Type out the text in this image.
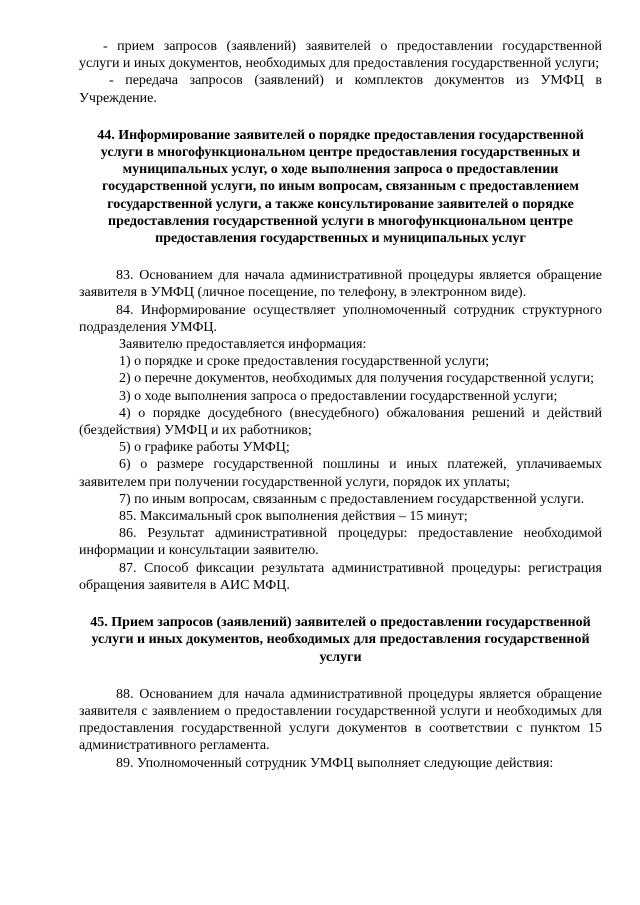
- прием запросов (заявлений) заявителей о предоставлении государственной услуги и иных документов, необходимых для предоставления государственной услуги;

- передача запросов (заявлений) и комплектов документов из УМФЦ в Учреждение.

44. Информирование заявителей о порядке предоставления государственной услуги в многофункциональном центре предоставления государственных и муниципальных услуг, о ходе выполнения запроса о предоставлении государственной услуги, по иным вопросам, связанным с предоставлением государственной услуги, а также консультирование заявителей о порядке предоставления государственной услуги в многофункциональном центре предоставления государственных и муниципальных услуг

83. Основанием для начала административной процедуры является обращение заявителя в УМФЦ (личное посещение, по телефону, в электронном виде).

84. Информирование осуществляет уполномоченный сотрудник структурного подразделения УМФЦ.

Заявителю предоставляется информация:

1) о порядке и сроке предоставления государственной услуги;

2) о перечне документов, необходимых для получения государственной услуги;

3) о ходе выполнения запроса о предоставлении государственной услуги;

4) о порядке досудебного (внесудебного) обжалования решений и действий (бездействия) УМФЦ и их работников;

5) о графике работы УМФЦ;

6) о размере государственной пошлины и иных платежей, уплачиваемых заявителем при получении государственной услуги, порядок их уплаты;

7) по иным вопросам, связанным с предоставлением государственной услуги.

85. Максимальный срок выполнения действия – 15 минут;

86. Результат административной процедуры: предоставление необходимой информации и консультации заявителю.

87. Способ фиксации результата административной процедуры: регистрация обращения заявителя в АИС МФЦ.

45. Прием запросов (заявлений) заявителей о предоставлении государственной услуги и иных документов, необходимых для предоставления государственной услуги

88. Основанием для начала административной процедуры является обращение заявителя с заявлением о предоставлении государственной услуги и необходимых для предоставления государственной услуги документов в соответствии с пунктом 15 административного регламента.

89. Уполномоченный сотрудник УМФЦ выполняет следующие действия:
